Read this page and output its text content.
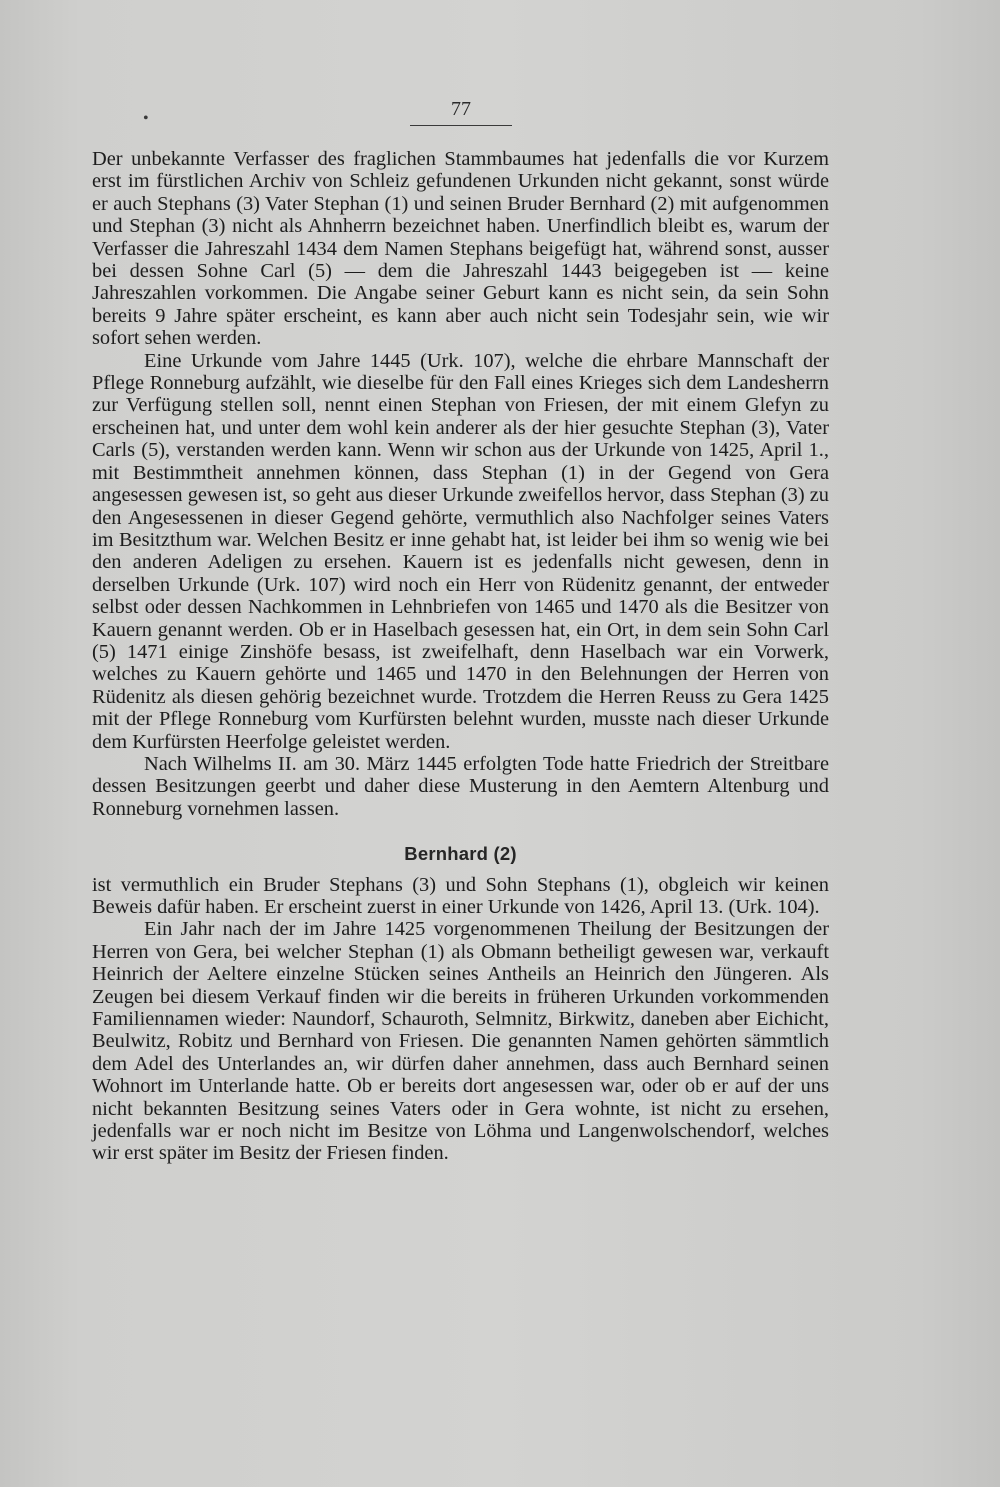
•	77

Der unbekannte Verfasser des fraglichen Stammbaumes hat jedenfalls die vor Kurzem erst im fürstlichen Archiv von Schleiz gefundenen Urkunden nicht gekannt, sonst würde er auch Stephans (3) Vater Stephan (1) und seinen Bruder Bernhard (2) mit aufgenommen und Stephan (3) nicht als Ahnherrn bezeichnet haben. Unerfindlich bleibt es, warum der Verfasser die Jahreszahl 1434 dem Namen Stephans beigefügt hat, während sonst, ausser bei dessen Sohne Carl (5) — dem die Jahreszahl 1443 beigegeben ist — keine Jahreszahlen vorkommen. Die Angabe seiner Geburt kann es nicht sein, da sein Sohn bereits 9 Jahre später erscheint, es kann aber auch nicht sein Todesjahr sein, wie wir sofort sehen werden.

Eine Urkunde vom Jahre 1445 (Urk. 107), welche die ehrbare Mannschaft der Pflege Ronneburg aufzählt, wie dieselbe für den Fall eines Krieges sich dem Landesherrn zur Verfügung stellen soll, nennt einen Stephan von Friesen, der mit einem Glefyn zu erscheinen hat, und unter dem wohl kein anderer als der hier gesuchte Stephan (3), Vater Carls (5), verstanden werden kann. Wenn wir schon aus der Urkunde von 1425, April 1., mit Bestimmtheit annehmen können, dass Stephan (1) in der Gegend von Gera angesessen gewesen ist, so geht aus dieser Urkunde zweifellos hervor, dass Stephan (3) zu den Angesessenen in dieser Gegend gehörte, vermuthlich also Nachfolger seines Vaters im Besitzthum war. Welchen Besitz er inne gehabt hat, ist leider bei ihm so wenig wie bei den anderen Adeligen zu ersehen. Kauern ist es jedenfalls nicht gewesen, denn in derselben Urkunde (Urk. 107) wird noch ein Herr von Rüdenitz genannt, der entweder selbst oder dessen Nachkommen in Lehnbriefen von 1465 und 1470 als die Besitzer von Kauern genannt werden. Ob er in Haselbach gesessen hat, ein Ort, in dem sein Sohn Carl (5) 1471 einige Zinshöfe besass, ist zweifelhaft, denn Haselbach war ein Vorwerk, welches zu Kauern gehörte und 1465 und 1470 in den Belehnungen der Herren von Rüdenitz als diesen gehörig bezeichnet wurde. Trotzdem die Herren Reuss zu Gera 1425 mit der Pflege Ronneburg vom Kurfürsten belehnt wurden, musste nach dieser Urkunde dem Kurfürsten Heerfolge geleistet werden.

Nach Wilhelms II. am 30. März 1445 erfolgten Tode hatte Friedrich der Streitbare dessen Besitzungen geerbt und daher diese Musterung in den Aemtern Altenburg und Ronneburg vornehmen lassen.

Bernhard (2)

ist vermuthlich ein Bruder Stephans (3) und Sohn Stephans (1), obgleich wir keinen Beweis dafür haben. Er erscheint zuerst in einer Urkunde von 1426, April 13. (Urk. 104).

Ein Jahr nach der im Jahre 1425 vorgenommenen Theilung der Besitzungen der Herren von Gera, bei welcher Stephan (1) als Obmann betheiligt gewesen war, verkauft Heinrich der Aeltere einzelne Stücken seines Antheils an Heinrich den Jüngeren. Als Zeugen bei diesem Verkauf finden wir die bereits in früheren Urkunden vorkommenden Familiennamen wieder: Naundorf, Schauroth, Selmnitz, Birkwitz, daneben aber Eichicht, Beulwitz, Robitz und Bernhard von Friesen. Die genannten Namen gehörten sämmtlich dem Adel des Unterlandes an, wir dürfen daher annehmen, dass auch Bernhard seinen Wohnort im Unterlande hatte. Ob er bereits dort angesessen war, oder ob er auf der uns nicht bekannten Besitzung seines Vaters oder in Gera wohnte, ist nicht zu ersehen, jedenfalls war er noch nicht im Besitze von Löhma und Langenwolschendorf, welches wir erst später im Besitz der Friesen finden.
